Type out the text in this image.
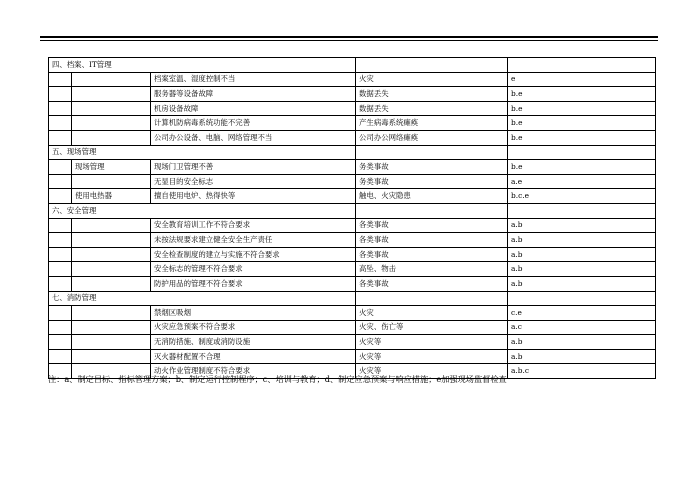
四、档案、IT管理				
		档案室温、湿度控制不当	火灾	e
		服务器等设备故障	数据丢失	b.e
		机房设备故障	数据丢失	b.e
		计算机防病毒系统功能不完善	产生病毒系统瘫痪	b.e
		公司办公设备、电脑、网络管理不当	公司办公网络瘫痪	b.e
五、现场管理				
	现场管理	现场门卫管理不善	务类事故	b.e
		无显目的安全标志	务类事故	a.e
	使用电热器	擅自使用电炉、热得快等	触电、火灾隐患	b.c.e
六、安全管理				
		安全教育培训工作不符合要求	各类事故	a.b
		未按法规要求建立健全安全生产责任	各类事故	a.b
		安全检查制度的建立与实施不符合要求	各类事故	a.b
		安全标志的管理不符合要求	高坠、物击	a.b
		防护用品的管理不符合要求	各类事故	a.b
七、消防管理				
		禁烟区吸烟	火灾	c.e
		火灾应急预案不符合要求	火灾、伤亡等	a.c
		无消防措施、制度或消防设施	火灾等	a.b
		灭火器材配置不合理	火灾等	a.b
		动火作业管理制度不符合要求	火灾等	a.b.c
注：a、制定目标、指标管理方案；b、制定运行控制程序；c、培训与教育；d、制定应急预案与响应措施；e加强现场监督检查
